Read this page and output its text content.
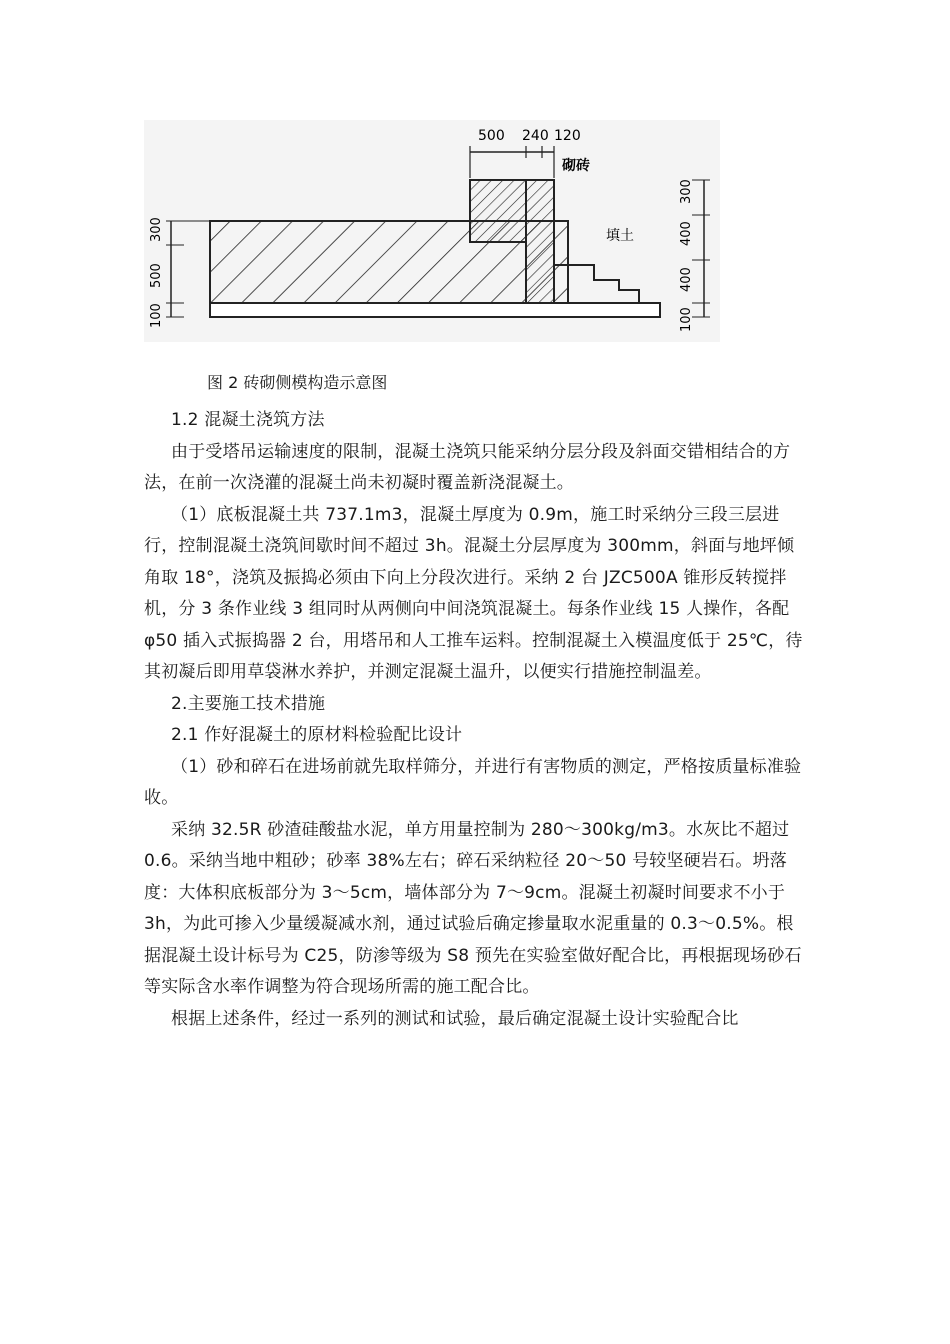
500 240 120
砌砖
填土
300
500
100
300
400
400
100
图 2 砖砌侧模构造示意图

1.2 混凝土浇筑方法

由于受塔吊运输速度的限制，混凝土浇筑只能采纳分层分段及斜面交错相结合的方法，在前一次浇灌的混凝土尚未初凝时覆盖新浇混凝土。

（1）底板混凝土共 737.1m3，混凝土厚度为 0.9m，施工时采纳分三段三层进行，控制混凝土浇筑间歇时间不超过 3h。混凝土分层厚度为 300mm，斜面与地坪倾角取 18°，浇筑及振捣必须由下向上分段次进行。采纳 2 台 JZC500A 锥形反转搅拌机，分 3 条作业线 3 组同时从两侧向中间浇筑混凝土。每条作业线 15 人操作，各配 φ50 插入式振捣器 2 台，用塔吊和人工推车运料。控制混凝土入模温度低于 25℃，待其初凝后即用草袋淋水养护，并测定混凝土温升，以便实行措施控制温差。

2.主要施工技术措施

2.1 作好混凝土的原材料检验配比设计

（1）砂和碎石在进场前就先取样筛分，并进行有害物质的测定，严格按质量标准验收。

采纳 32.5R 砂渣硅酸盐水泥，单方用量控制为 280～300kg/m3。水灰比不超过 0.6。采纳当地中粗砂；砂率 38%左右；碎石采纳粒径 20～50 号较坚硬岩石。坍落度：大体积底板部分为 3～5cm，墙体部分为 7～9cm。混凝土初凝时间要求不小于 3h，为此可掺入少量缓凝减水剂，通过试验后确定掺量取水泥重量的 0.3～0.5%。根据混凝土设计标号为 C25，防渗等级为 S8 预先在实验室做好配合比，再根据现场砂石等实际含水率作调整为符合现场所需的施工配合比。

根据上述条件，经过一系列的测试和试验，最后确定混凝土设计实验配合比
